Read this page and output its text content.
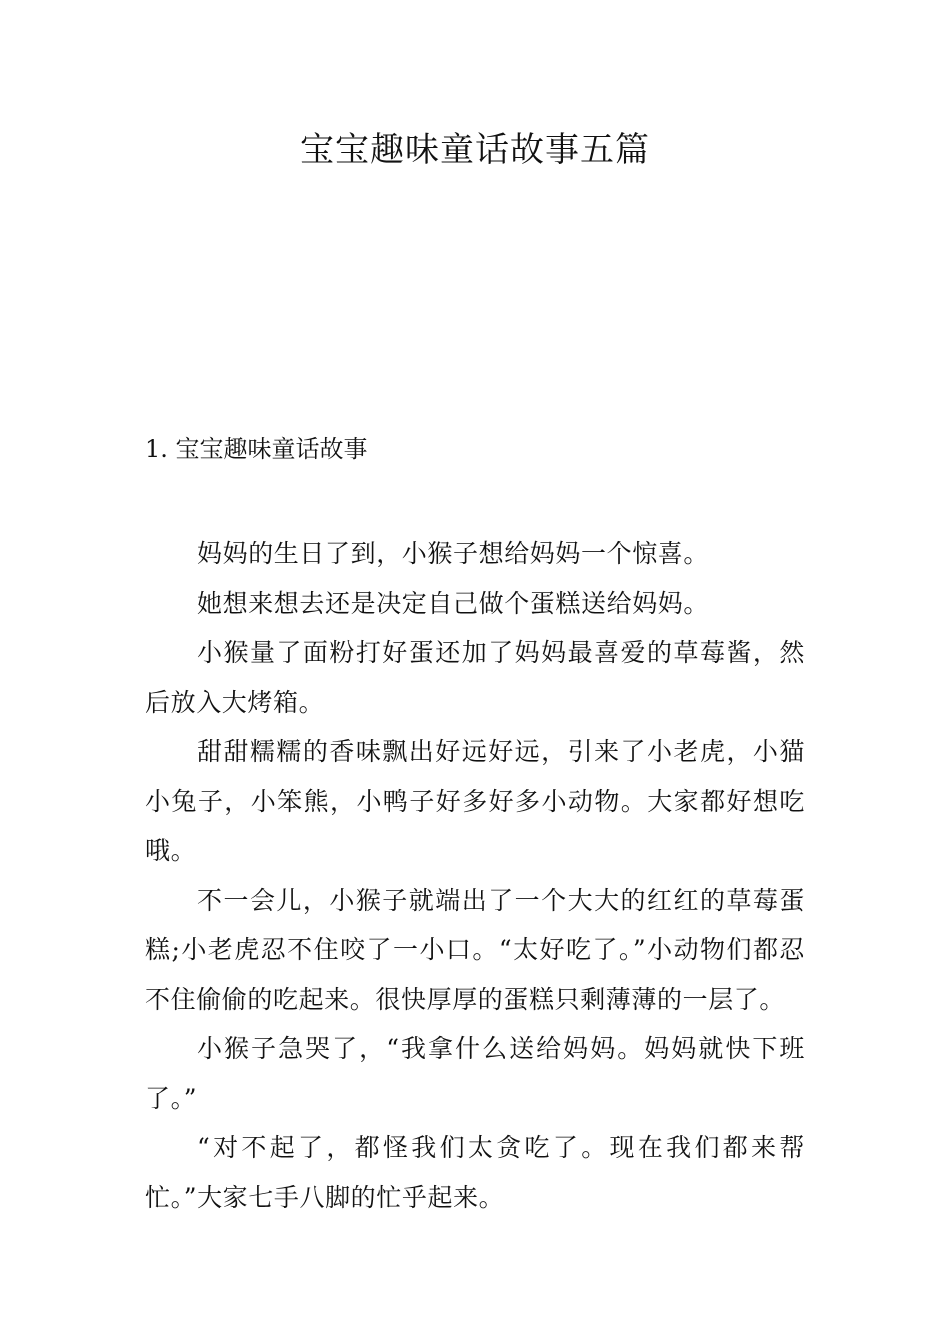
宝宝趣味童话故事五篇
1. 宝宝趣味童话故事

妈妈的生日了到，小猴子想给妈妈一个惊喜。

她想来想去还是决定自己做个蛋糕送给妈妈。

小猴量了面粉打好蛋还加了妈妈最喜爱的草莓酱，然后放入大烤箱。

甜甜糯糯的香味飘出好远好远，引来了小老虎，小猫小兔子，小笨熊，小鸭子好多好多小动物。大家都好想吃哦。

不一会儿，小猴子就端出了一个大大的红红的草莓蛋糕;小老虎忍不住咬了一小口。“太好吃了。”小动物们都忍不住偷偷的吃起来。很快厚厚的蛋糕只剩薄薄的一层了。

小猴子急哭了，“我拿什么送给妈妈。妈妈就快下班了。”

“对不起了，都怪我们太贪吃了。现在我们都来帮忙。”大家七手八脚的忙乎起来。
